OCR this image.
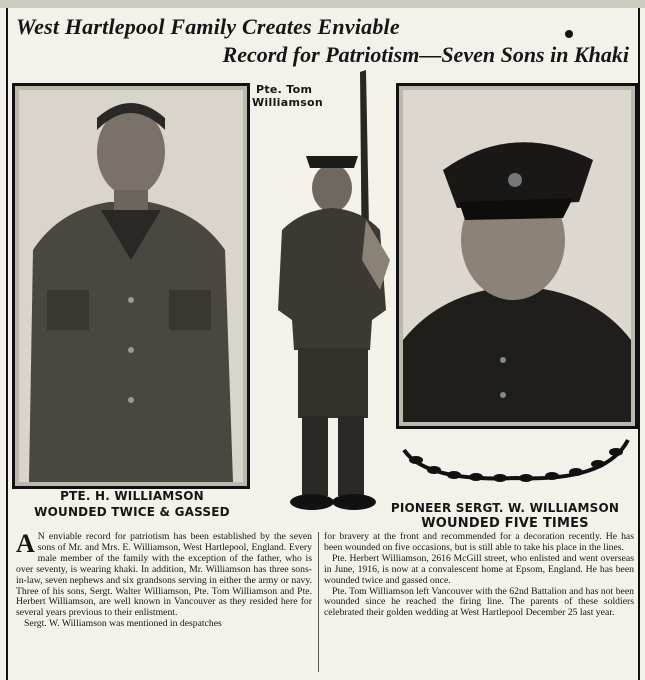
West Hartlepool Family Creates Enviable
Record for Patriotism—Seven Sons in Khaki
Pte. Tom
Williamson
PTE. H. WILLIAMSON
WOUNDED TWICE & GASSED	PIONEER SERGT. W. WILLIAMSON
WOUNDED FIVE TIMES

A N enviable record for patriotism has been established by the seven sons of Mr. and Mrs. E. Williamson, West Hartlepool, England. Every male member of the family with the exception of the father, who is over seventy, is wearing khaki. In addition, Mr. Williamson has three sons-in-law, seven nephews and six grandsons serving in either the army or navy. Three of his sons, Sergt. Walter Williamson, Pte. Tom Williamson and Pte. Herbert Williamson, are well known in Vancouver as they resided here for several years previous to their enlistment.

Sergt. W. Williamson was mentioned in despatches

for bravery at the front and recommended for a decoration recently. He has been wounded on five occasions, but is still able to take his place in the lines.

Pte. Herbert Williamson, 2616 McGill street, who enlisted and went overseas in June, 1916, is now at a convalescent home at Epsom, England. He has been wounded twice and gassed once.

Pte. Tom Williamson left Vancouver with the 62nd Battalion and has not been wounded since he reached the firing line. The parents of these soldiers celebrated their golden wedding at West Hartlepool December 25 last year.
